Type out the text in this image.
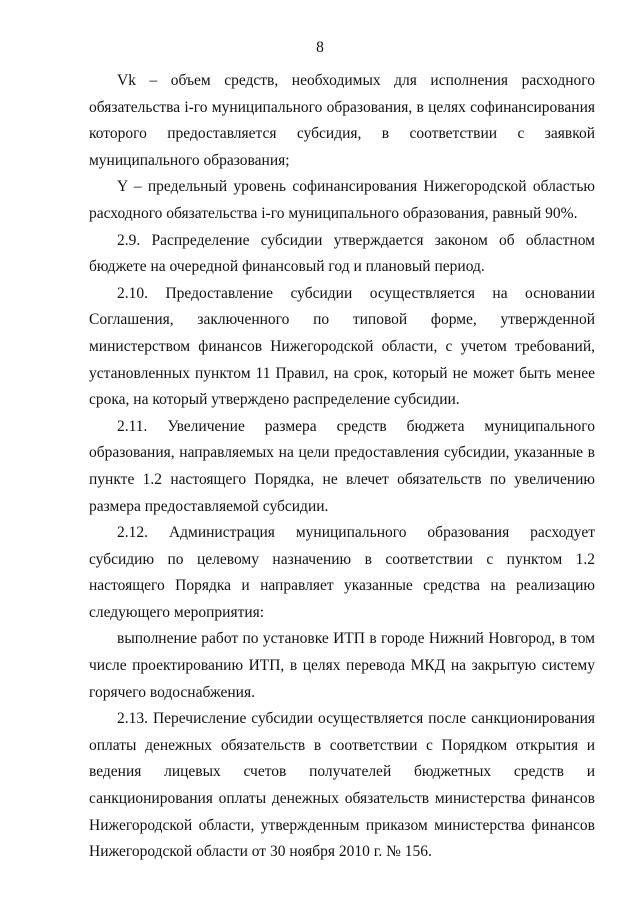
8

Vk – объем средств, необходимых для исполнения расходного обязательства i-го муниципального образования, в целях софинансирования которого предоставляется субсидия, в соответствии с заявкой муниципального образования;

Y – предельный уровень софинансирования Нижегородской областью расходного обязательства i-го муниципального образования, равный 90%.

2.9. Распределение субсидии утверждается законом об областном бюджете на очередной финансовый год и плановый период.

2.10. Предоставление субсидии осуществляется на основании Соглашения, заключенного по типовой форме, утвержденной министерством финансов Нижегородской области, с учетом требований, установленных пунктом 11 Правил, на срок, который не может быть менее срока, на который утверждено распределение субсидии.

2.11. Увеличение размера средств бюджета муниципального образования, направляемых на цели предоставления субсидии, указанные в пункте 1.2 настоящего Порядка, не влечет обязательств по увеличению размера предоставляемой субсидии.

2.12. Администрация муниципального образования расходует субсидию по целевому назначению в соответствии с пунктом 1.2 настоящего Порядка и направляет указанные средства на реализацию следующего мероприятия:

выполнение работ по установке ИТП в городе Нижний Новгород, в том числе проектированию ИТП, в целях перевода МКД на закрытую систему горячего водоснабжения.

2.13. Перечисление субсидии осуществляется после санкционирования оплаты денежных обязательств в соответствии с Порядком открытия и ведения лицевых счетов получателей бюджетных средств и санкционирования оплаты денежных обязательств министерства финансов Нижегородской области, утвержденным приказом министерства финансов Нижегородской области от 30 ноября 2010 г. № 156.
